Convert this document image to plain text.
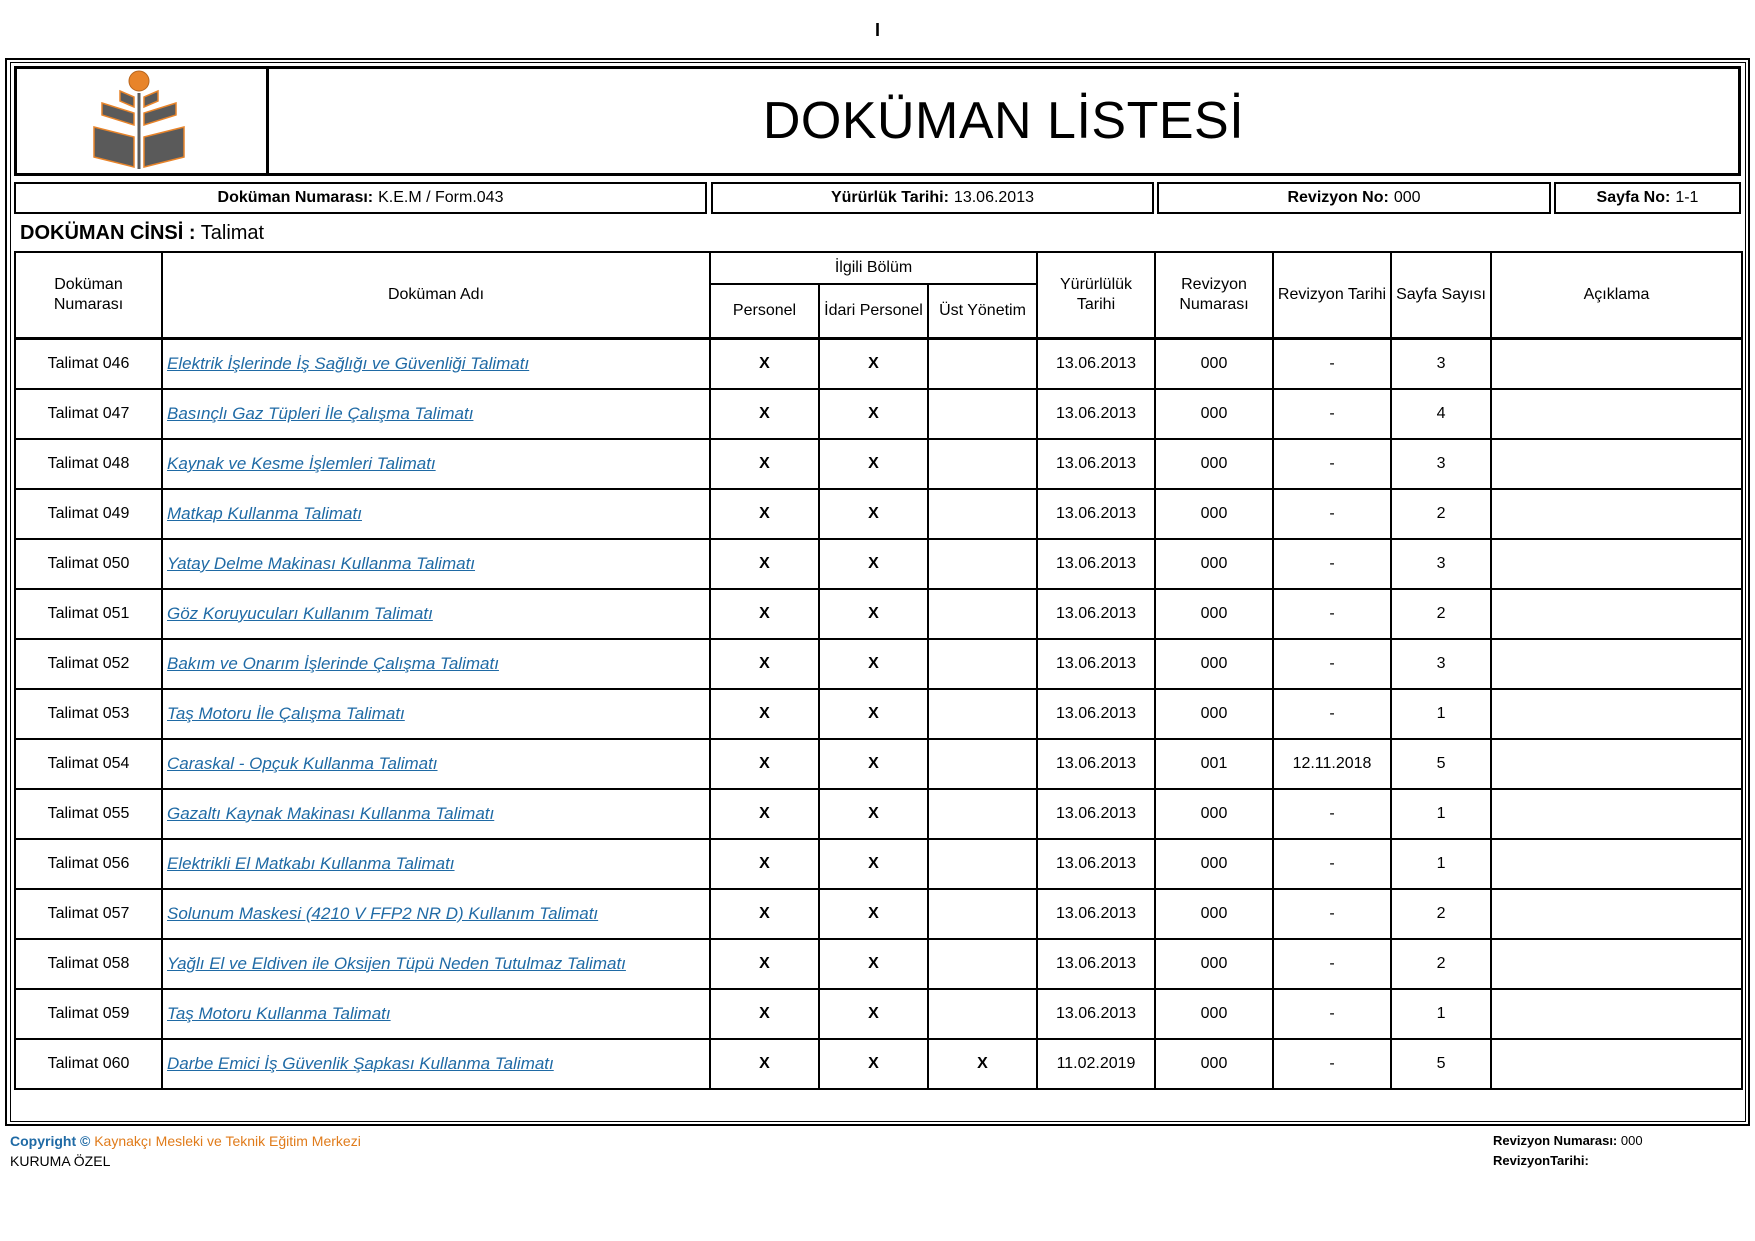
I
DOKÜMAN LİSTESİ
Doküman Numarası: K.E.M / Form.043	Yürürlük Tarihi: 13.06.2013	Revizyon No: 000	Sayfa No: 1-1
DOKÜMAN CİNSİ : Talimat
Doküman Numarası	Doküman Adı	İlgili Bölüm			Yürürlülük Tarihi	Revizyon Numarası	Revizyon Tarihi	Sayfa Sayısı	Açıklama
		Personel	İdari Personel	Üst Yönetim					
Talimat 046	Elektrik İşlerinde İş Sağlığı ve Güvenliği Talimatı	X	X		13.06.2013	000	-	3	
Talimat 047	Basınçlı Gaz Tüpleri İle Çalışma Talimatı	X	X		13.06.2013	000	-	4	
Talimat 048	Kaynak ve Kesme İşlemleri Talimatı	X	X		13.06.2013	000	-	3	
Talimat 049	Matkap Kullanma Talimatı	X	X		13.06.2013	000	-	2	
Talimat 050	Yatay Delme Makinası Kullanma Talimatı	X	X		13.06.2013	000	-	3	
Talimat 051	Göz Koruyucuları Kullanım Talimatı	X	X		13.06.2013	000	-	2	
Talimat 052	Bakım ve Onarım İşlerinde Çalışma Talimatı	X	X		13.06.2013	000	-	3	
Talimat 053	Taş Motoru İle Çalışma Talimatı	X	X		13.06.2013	000	-	1	
Talimat 054	Caraskal - Opçuk Kullanma Talimatı	X	X		13.06.2013	001	12.11.2018	5	
Talimat 055	Gazaltı Kaynak Makinası Kullanma Talimatı	X	X		13.06.2013	000	-	1	
Talimat 056	Elektrikli El Matkabı Kullanma Talimatı	X	X		13.06.2013	000	-	1	
Talimat 057	Solunum Maskesi (4210 V FFP2 NR D) Kullanım Talimatı	X	X		13.06.2013	000	-	2	
Talimat 058	Yağlı El ve Eldiven ile Oksijen Tüpü Neden Tutulmaz Talimatı	X	X		13.06.2013	000	-	2	
Talimat 059	Taş Motoru Kullanma Talimatı	X	X		13.06.2013	000	-	1	
Talimat 060	Darbe Emici İş Güvenlik Şapkası Kullanma Talimatı	X	X	X	11.02.2019	000	-	5	
Copyright © Kaynakçı Mesleki ve Teknik Eğitim Merkezi
KURUMA ÖZEL
Revizyon Numarası: 000
RevizyonTarihi:
